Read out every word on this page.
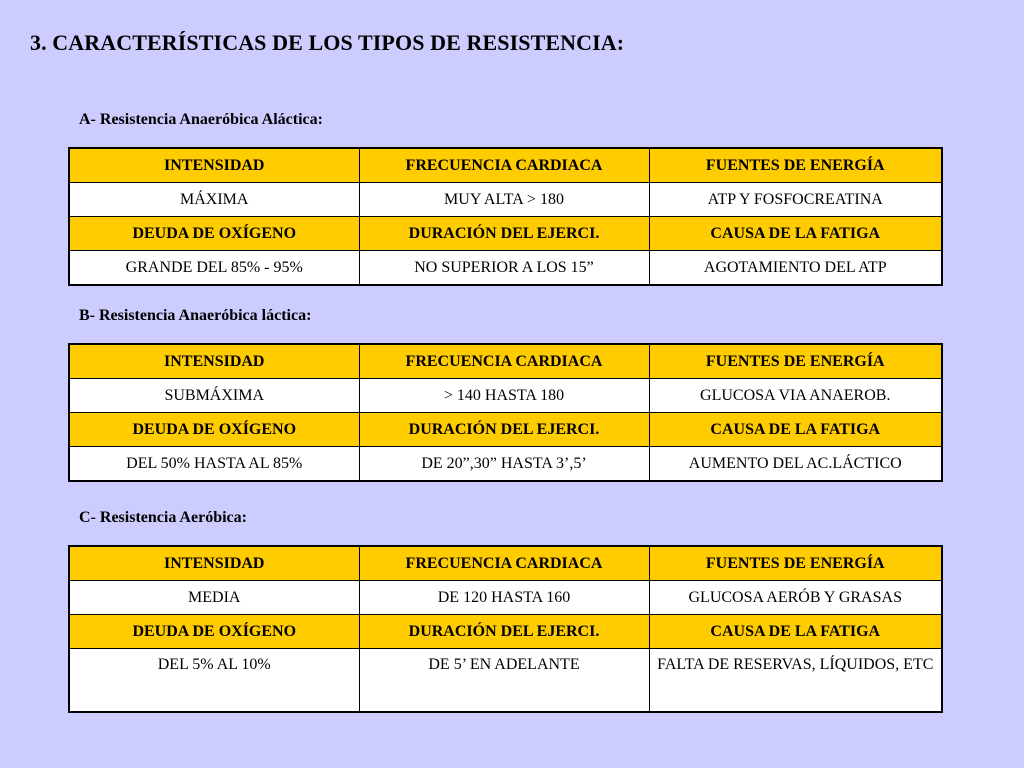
3. CARACTERÍSTICAS DE LOS TIPOS DE RESISTENCIA:
A- Resistencia Anaeróbica Aláctica:
INTENSIDAD	FRECUENCIA CARDIACA	FUENTES DE ENERGÍA
MÁXIMA	MUY ALTA > 180	ATP Y FOSFOCREATINA
DEUDA DE OXÍGENO	DURACIÓN DEL EJERCI.	CAUSA DE LA FATIGA
GRANDE DEL 85% - 95%	NO SUPERIOR A LOS 15”	AGOTAMIENTO DEL ATP
B- Resistencia Anaeróbica láctica:
INTENSIDAD	FRECUENCIA CARDIACA	FUENTES DE ENERGÍA
SUBMÁXIMA	> 140 HASTA 180	GLUCOSA VIA ANAEROB.
DEUDA DE OXÍGENO	DURACIÓN DEL EJERCI.	CAUSA DE LA FATIGA
DEL 50% HASTA AL 85%	DE 20”,30” HASTA 3’,5’	AUMENTO DEL AC.LÁCTICO
C- Resistencia Aeróbica:
INTENSIDAD	FRECUENCIA CARDIACA	FUENTES DE ENERGÍA
MEDIA	DE 120 HASTA 160	GLUCOSA AERÓB Y GRASAS
DEUDA DE OXÍGENO	DURACIÓN DEL EJERCI.	CAUSA DE LA FATIGA
DEL 5% AL 10%	DE 5’ EN ADELANTE	FALTA DE RESERVAS, LÍQUIDOS, ETC
